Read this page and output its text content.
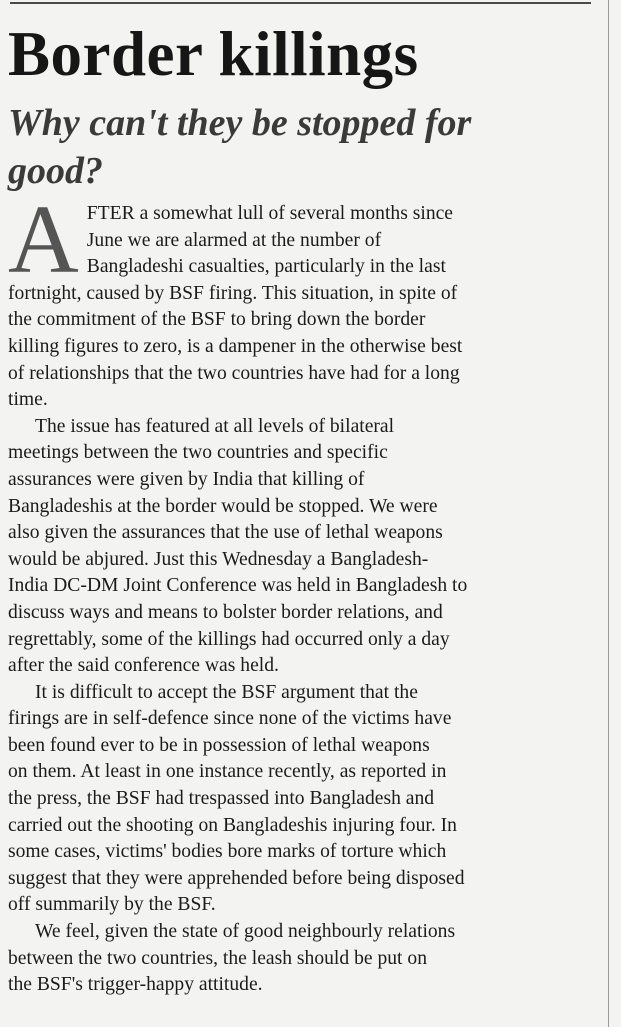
Border killings
Why can't they be stopped for good?

A FTER a somewhat lull of several months since
June we are alarmed at the number of
Bangladeshi casualties, particularly in the last
fortnight, caused by BSF firing. This situation, in spite of
the commitment of the BSF to bring down the border
killing figures to zero, is a dampener in the otherwise best
of relationships that the two countries have had for a long
time.

The issue has featured at all levels of bilateral
meetings between the two countries and specific
assurances were given by India that killing of
Bangladeshis at the border would be stopped. We were
also given the assurances that the use of lethal weapons
would be abjured. Just this Wednesday a Bangladesh-
India DC-DM Joint Conference was held in Bangladesh to
discuss ways and means to bolster border relations, and
regrettably, some of the killings had occurred only a day
after the said conference was held.

It is difficult to accept the BSF argument that the
firings are in self-defence since none of the victims have
been found ever to be in possession of lethal weapons
on them. At least in one instance recently, as reported in
the press, the BSF had trespassed into Bangladesh and
carried out the shooting on Bangladeshis injuring four. In
some cases, victims' bodies bore marks of torture which
suggest that they were apprehended before being disposed
off summarily by the BSF.

We feel, given the state of good neighbourly relations
between the two countries, the leash should be put on
the BSF's trigger-happy attitude.
